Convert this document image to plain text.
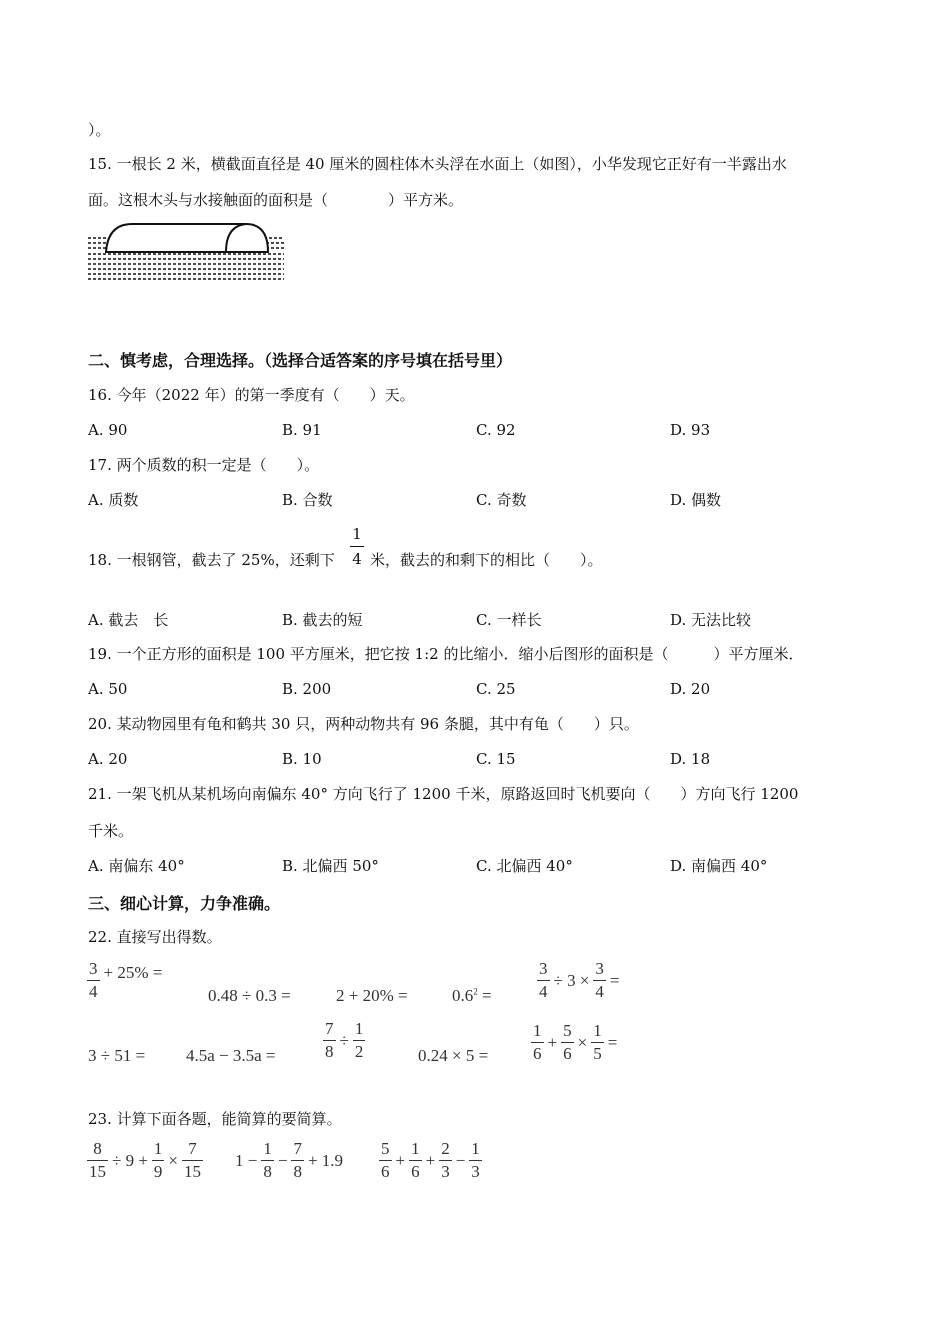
）。
15. 一根长 2 米，横截面直径是 40 厘米的圆柱体木头浮在水面上（如图），小华发现它正好有一半露出水
面。这根木头与水接触面的面积是（　　　　）平方米。
二、慎考虑，合理选择。（选择合适答案的序号填在括号里）
16. 今年（2022 年）的第一季度有（　　）天。
A. 90	B. 91	C. 92	D. 93
17. 两个质数的积一定是（　　）。
A. 质数	B. 合数	C. 奇数	D. 偶数
18. 一根钢管，截去了 25%，还剩下
1
4 米，截去的和剩下的相比（　　）。
A. 截去　长	B. 截去的短	C. 一样长	D. 无法比较
19. 一个正方形的面积是 100 平方厘米，把它按 1:2 的比缩小．缩小后图形的面积是（　　　）平方厘米．
A. 50	B. 200	C. 25	D. 20
20. 某动物园里有龟和鹤共 30 只，两种动物共有 96 条腿，其中有龟（　　）只。
A. 20	B. 10	C. 15	D. 18
21. 一架飞机从某机场向南偏东 40° 方向飞行了 1200 千米，原路返回时飞机要向（　　）方向飞行 1200
千米。
A. 南偏东 40°	B. 北偏西 50°	C. 北偏西 40°	D. 南偏西 40°
三、细心计算，力争准确。
22. 直接写出得数。
$\frac{3}{4} + 25\%$ =
0.48 ÷ 0.3 =	2 + 20% =	$0.6^2$ =	$\frac{3}{4} \div 3 \times \frac{3}{4}$ =
3 ÷ 51 = 4.5a − 3.5a =	$\frac{7}{8} \div \frac{1}{2}$	0.24 × 5 =	$\frac{1}{6} + \frac{5}{6} \times \frac{1}{5}$ =
23. 计算下面各题，能简算的要简算。
$\frac{8}{15} \div 9 + \frac{1}{9} \times \frac{7}{15} 1 - \frac{1}{8} - \frac{7}{8} + 1.9 \frac{5}{6} + \frac{1}{6} + \frac{2}{3} - \frac{1}{3}$
